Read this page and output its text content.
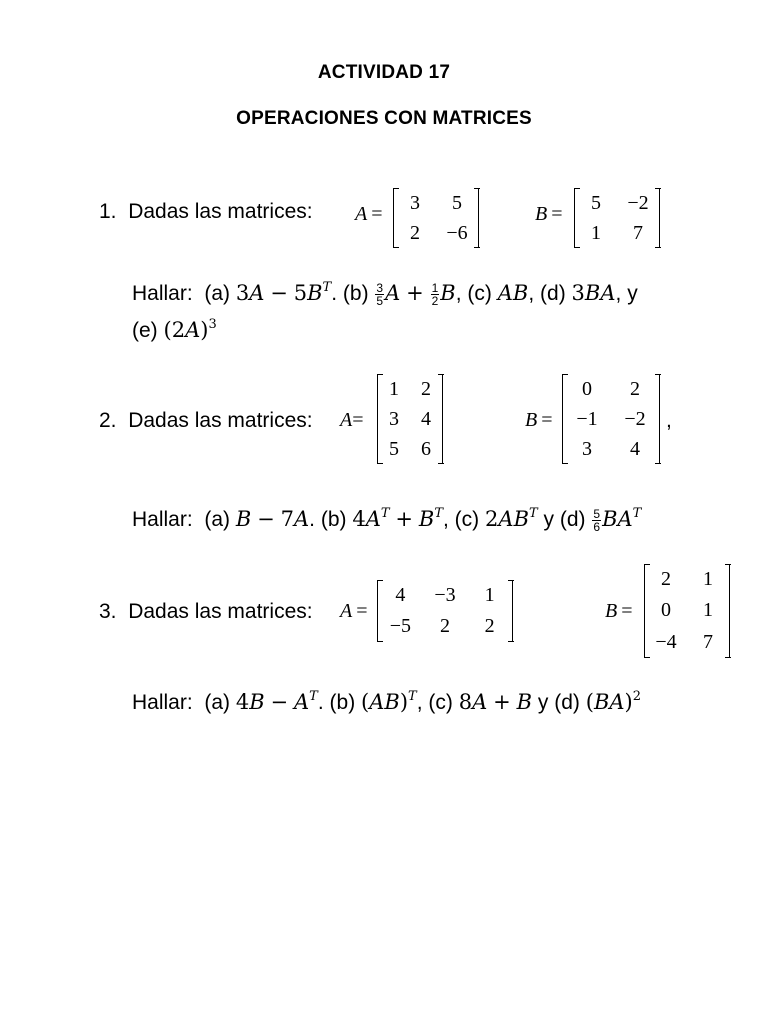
ACTIVIDAD 17
OPERACIONES CON MATRICES
1. Dadas las matrices: A  =
3	5
2	−6
B  =
5	−2
1	7
Hallar: (a) $3A - 5B^T$. $(b) \frac{3}{5}$ $A + \frac{1}{2} B$, (c) AB, (d) 3BA, y
(e) $(2A)^3$
2. Dadas las matrices: A=
1	2
3	4
5	6
B  =
0	2
−1	−2
3	4
,
Hallar: (a) B − 7A. (b) $4A^T + B^T$, (c) $2AB^T$ y $(d) \frac{5}{6} BA^T$
3. Dadas las matrices: A  =
4	−3	1
−5	2	2
B  =
2	1
0	1
−4	7
Hallar: (a) $4B - A^T$. (b) (AB)$^T$, (c) 8A + B y (d) (BA)$^2$
